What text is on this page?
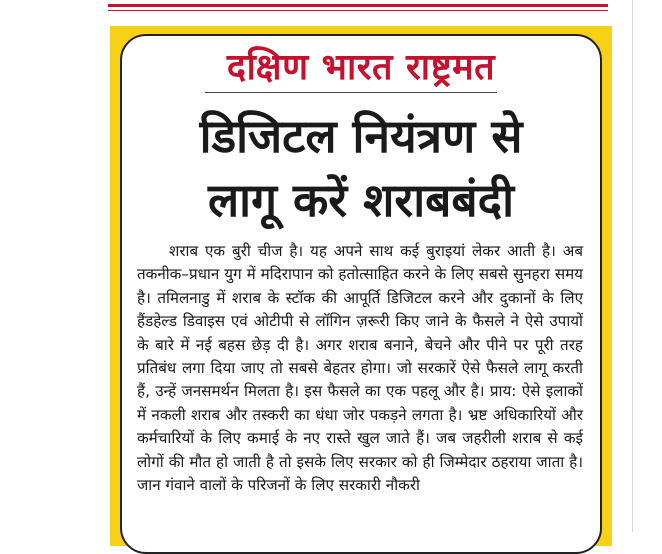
दक्षिण भारत राष्ट्रमत
डिजिटल नियंत्रण से
लागू करें शराबबंदी
शराब एक बुरी चीज है। यह अपने साथ कई बुराइयां लेकर आती है। अब तकनीक–प्रधान युग में मदिरापान को हतोत्साहित करने के लिए सबसे सुनहरा समय है। तमिलनाडु में शराब के स्टॉक की आपूर्ति डिजिटल करने और दुकानों के लिए हैंडहेल्ड डिवाइस एवं ओटीपी से लॉगिन ज़रूरी किए जाने के फैसले ने ऐसे उपायों के बारे में नई बहस छेड़ दी है। अगर शराब बनाने, बेचने और पीने पर पूरी तरह प्रतिबंध लगा दिया जाए तो सबसे बेहतर होगा। जो सरकारें ऐसे फैसले लागू करती हैं, उन्हें जनसमर्थन मिलता है। इस फैसले का एक पहलू और है। प्राय: ऐसे इलाकों में नकली शराब और तस्करी का धंधा जोर पकड़ने लगता है। भ्रष्ट अधिकारियों और कर्मचारियों के लिए कमाई के नए रास्ते खुल जाते हैं। जब जहरीली शराब से कई लोगों की मौत हो जाती है तो इसके लिए सरकार को ही जिम्मेदार ठहराया जाता है। जान गंवाने वालों के परिजनों के लिए सरकारी नौकरी
